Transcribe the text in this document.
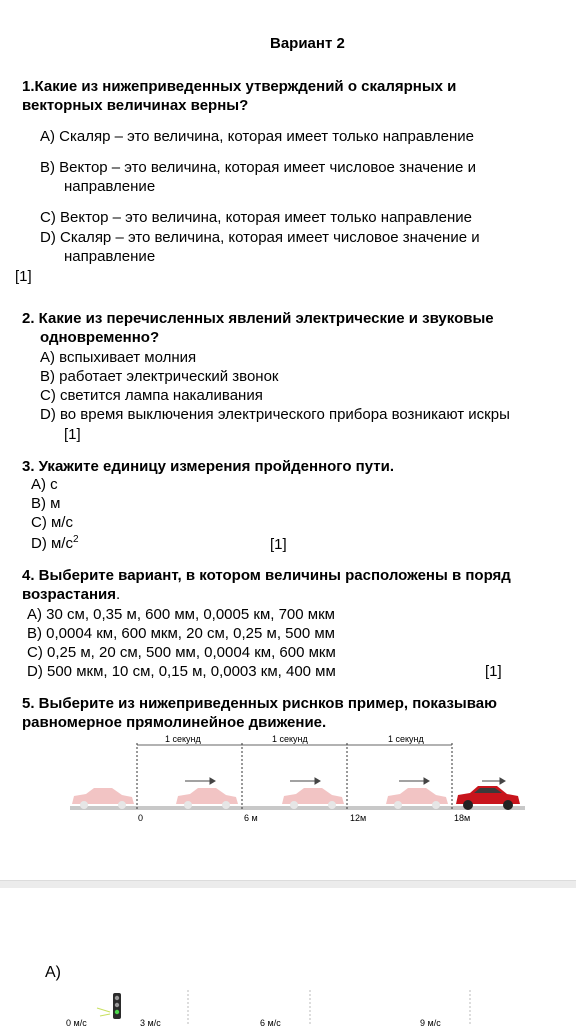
Вариант 2
1.Какие из нижеприведенных утверждений о скалярных и
векторных величинах верны?
A) Скаляр – это величина, которая имеет только направление
B) Вектор – это величина, которая имеет числовое значение и
направление
C) Вектор – это величина, которая имеет только направление
D) Скаляр – это величина, которая имеет числовое значение и
направление
[1]
2. Какие из перечисленных явлений электрические и звуковые
одновременно?
A) вспыхивает молния
B) работает электрический звонок
C) светится лампа накаливания
D) во время выключения электрического прибора возникают искры
[1]
3. Укажите единицу измерения пройденного пути.
A) с
B) м
C) м/с
D) $м/с^2$	[1]
4. Выберите вариант, в котором величины расположены в поряд
возрастания.
A) 30 см, 0,35 м, 600 мм, 0,0005 км, 700 мкм
B) 0,0004 км, 600 мкм, 20 см, 0,25 м, 500 мм
C) 0,25 м, 20 см, 500 мм, 0,0004 км, 600 мкм
D) 500 мкм, 10 см, 0,15 м, 0,0003 км, 400 мм	[1]
5. Выберите из нижеприведенных риснков пример, показываю
равномерное прямолинейное движение.
1 секунд	1 секунд	1 секунд
0	6 м	12м	18м
A)
0 м/с	3 м/с	6 м/с	9 м/с
